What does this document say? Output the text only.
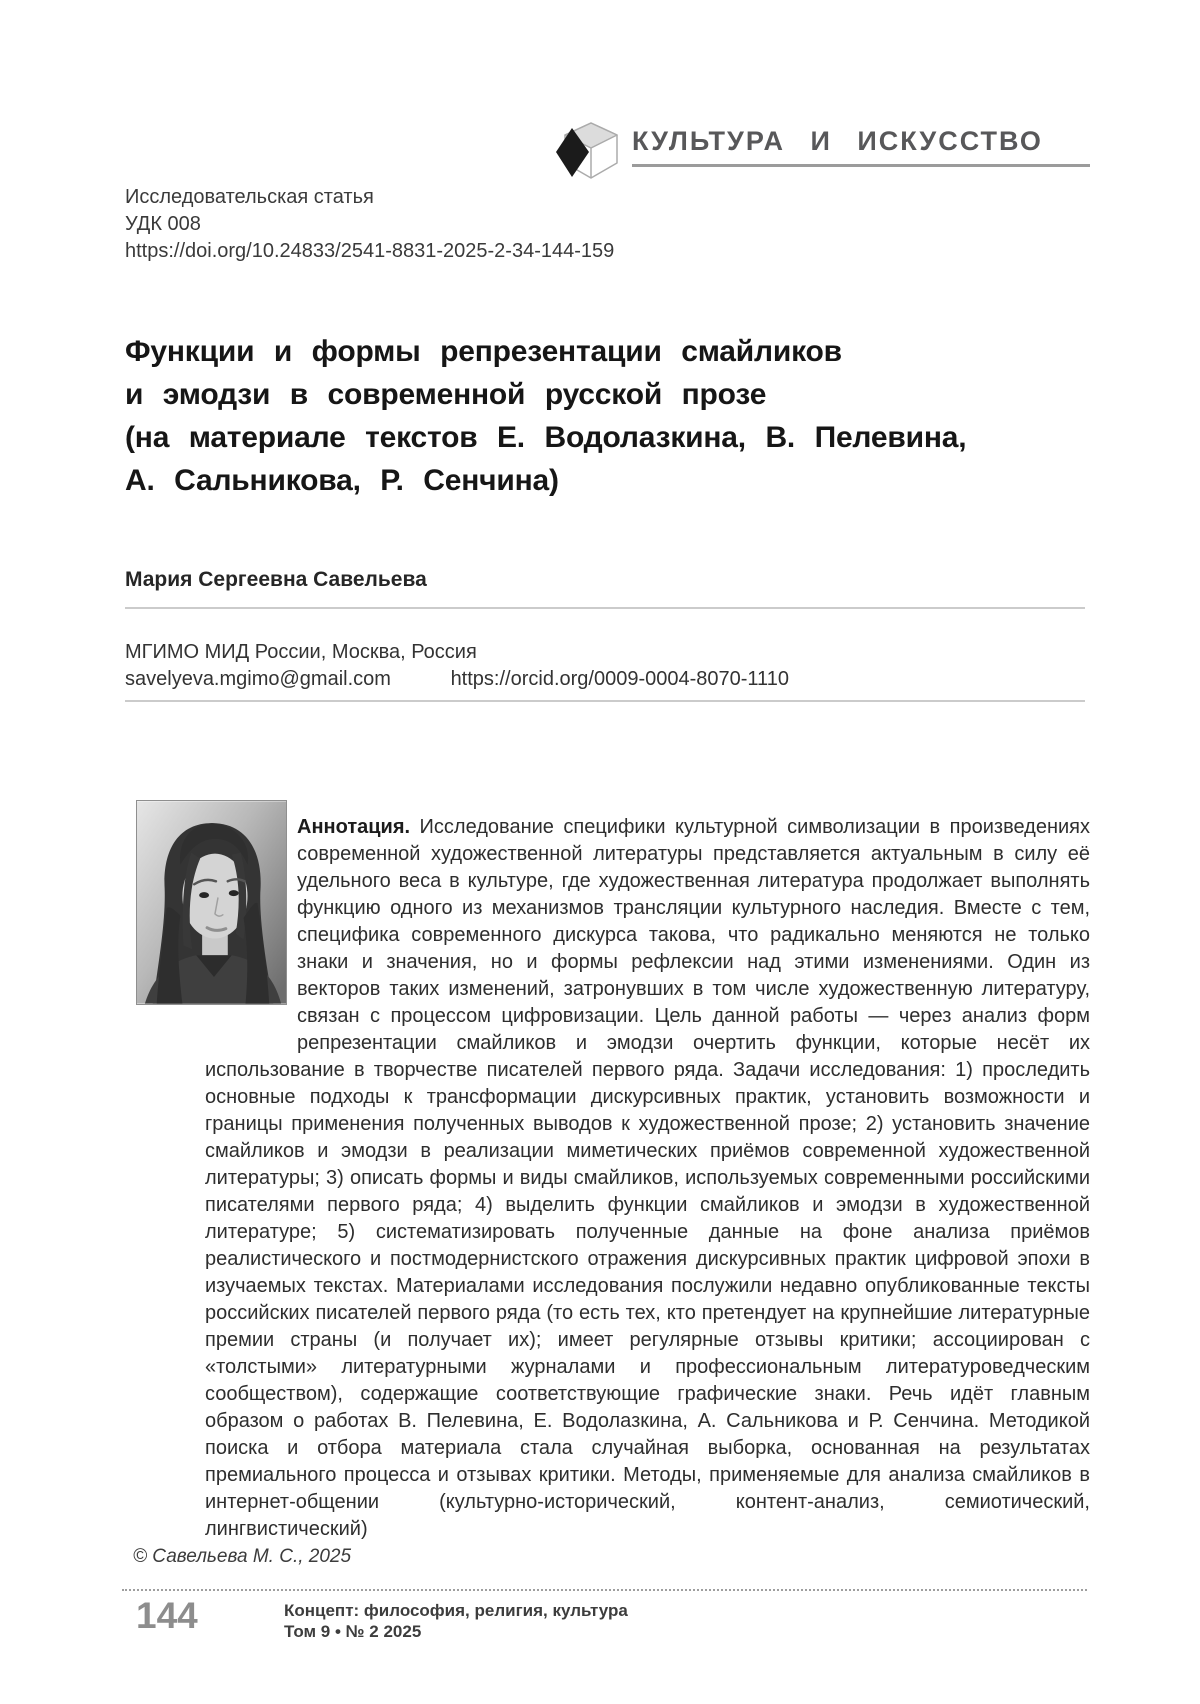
КУЛЬТУРА И ИСКУССТВО
Исследовательская статья
УДК 008
https://doi.org/10.24833/2541-8831-2025-2-34-144-159
Функции и формы репрезентации смайликов
и эмодзи в современной русской прозе
(на материале текстов Е. Водолазкина, В. Пелевина,
А. Сальникова, Р. Сенчина)
Мария Сергеевна Савельева
МГИМО МИД России, Москва, Россия
savelyeva.mgimo@gmail.com	https://orcid.org/0009-0004-8070-1110

Аннотация. Исследование специфики культурной символизации в произведениях современной художественной литературы представляется актуальным в силу её удельного веса в культуре, где художественная литература продолжает выполнять функцию одного из механизмов трансляции культурного наследия. Вместе с тем, специфика современного дискурса такова, что радикально меняются не только знаки и значения, но и формы рефлексии над этими изменениями. Один из векторов таких изменений, затронувших в том числе художественную литературу, связан с процессом цифровизации. Цель данной работы — через анализ форм репрезентации смайликов и эмодзи очертить функции, которые несёт их использование в творчестве писателей первого ряда. Задачи исследования: 1) проследить основные подходы к трансформации дискурсивных практик, установить возможности и границы применения полученных выводов к художественной прозе; 2) установить значение смайликов и эмодзи в реализации миметических приёмов современной художественной литературы; 3) описать формы и виды смайликов, используемых современными российскими писателями первого ряда; 4) выделить функции смайликов и эмодзи в художественной литературе; 5) систематизировать полученные данные на фоне анализа приёмов реалистического и постмодернистского отражения дискурсивных практик цифровой эпохи в изучаемых текстах. Материалами исследования послужили недавно опубликованные тексты российских писателей первого ряда (то есть тех, кто претендует на крупнейшие литературные премии страны (и получает их); имеет регулярные отзывы критики; ассоциирован с «толстыми» литературными журналами и профессиональным литературоведческим сообществом), содержащие соответствующие графические знаки. Речь идёт главным образом о работах В. Пелевина, Е. Водолазкина, А. Сальникова и Р. Сенчина. Методикой поиска и отбора материала стала случайная выборка, основанная на результатах премиального процесса и отзывах критики. Методы, применяемые для анализа смайликов в интернет-общении (культурно-исторический, контент-анализ, семиотический, лингвистический)

© Савельева М. С., 2025
144	Концепт: философия, религия, культура
Том 9 • № 2 2025
